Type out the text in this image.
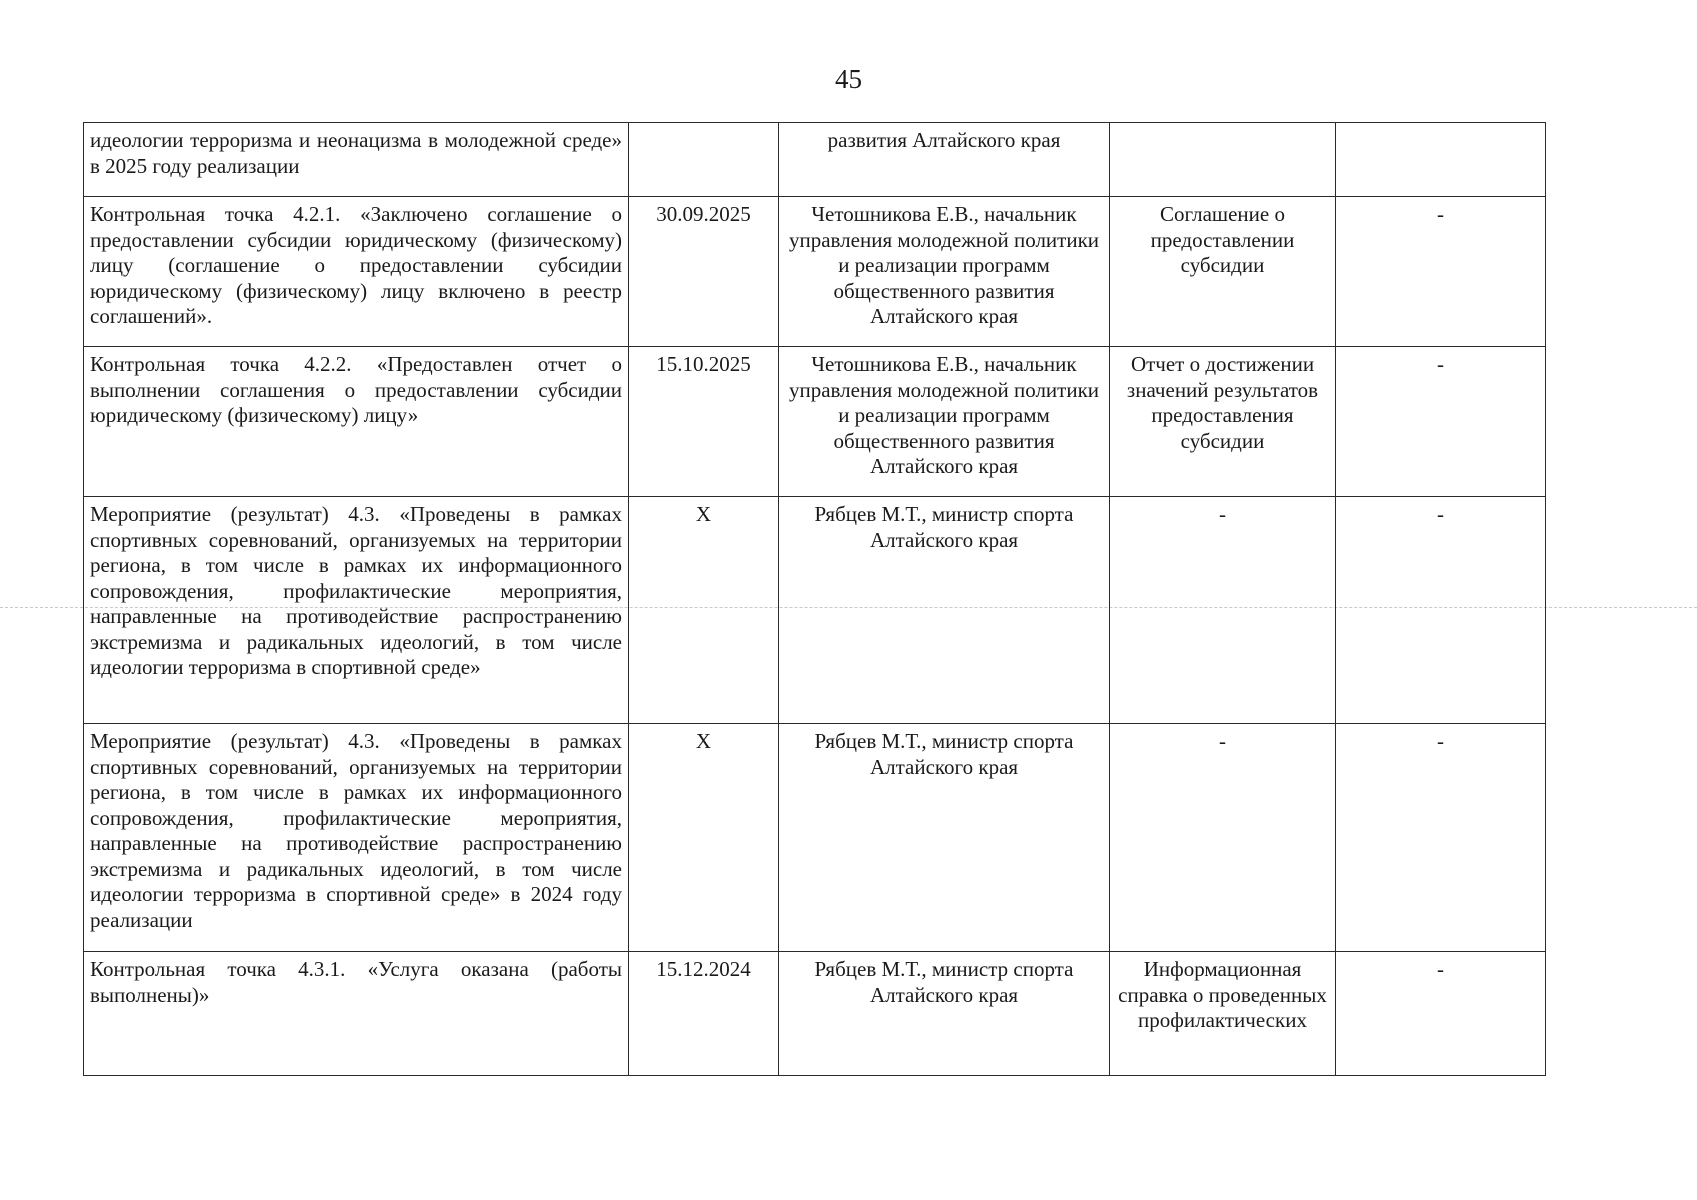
45
идеологии терроризма и неонацизма в молодежной среде» в 2025 году реализации		развития Алтайского края		
Контрольная точка 4.2.1. «Заключено соглашение о предоставлении субсидии юридическому (физическому) лицу (соглашение о предоставлении субсидии юридическому (физическому) лицу включено в реестр соглашений».	30.09.2025	Четошникова Е.В., начальник управления молодежной политики и реализации программ общественного развития Алтайского края	Соглашение о предоставлении субсидии	-
Контрольная точка 4.2.2. «Предоставлен отчет о выполнении соглашения о предоставлении субсидии юридическому (физическому) лицу»	15.10.2025	Четошникова Е.В., начальник управления молодежной политики и реализации программ общественного развития Алтайского края	Отчет о достижении значений результатов предоставления субсидии	-
Мероприятие (результат) 4.3. «Проведены в рамках спортивных соревнований, организуемых на территории региона, в том числе в рамках их информационного сопровождения, профилактические мероприятия, направленные на противодействие распространению экстремизма и радикальных идеологий, в том числе идеологии терроризма в спортивной среде»	X	Рябцев М.Т., министр спорта Алтайского края	-	-
Мероприятие (результат) 4.3. «Проведены в рамках спортивных соревнований, организуемых на территории региона, в том числе в рамках их информационного сопровождения, профилактические мероприятия, направленные на противодействие распространению экстремизма и радикальных идеологий, в том числе идеологии терроризма в спортивной среде» в 2024 году реализации	X	Рябцев М.Т., министр спорта Алтайского края	-	-
Контрольная точка 4.3.1. «Услуга оказана (работы выполнены)»	15.12.2024	Рябцев М.Т., министр спорта Алтайского края	Информационная справка о проведенных профилактических	-
